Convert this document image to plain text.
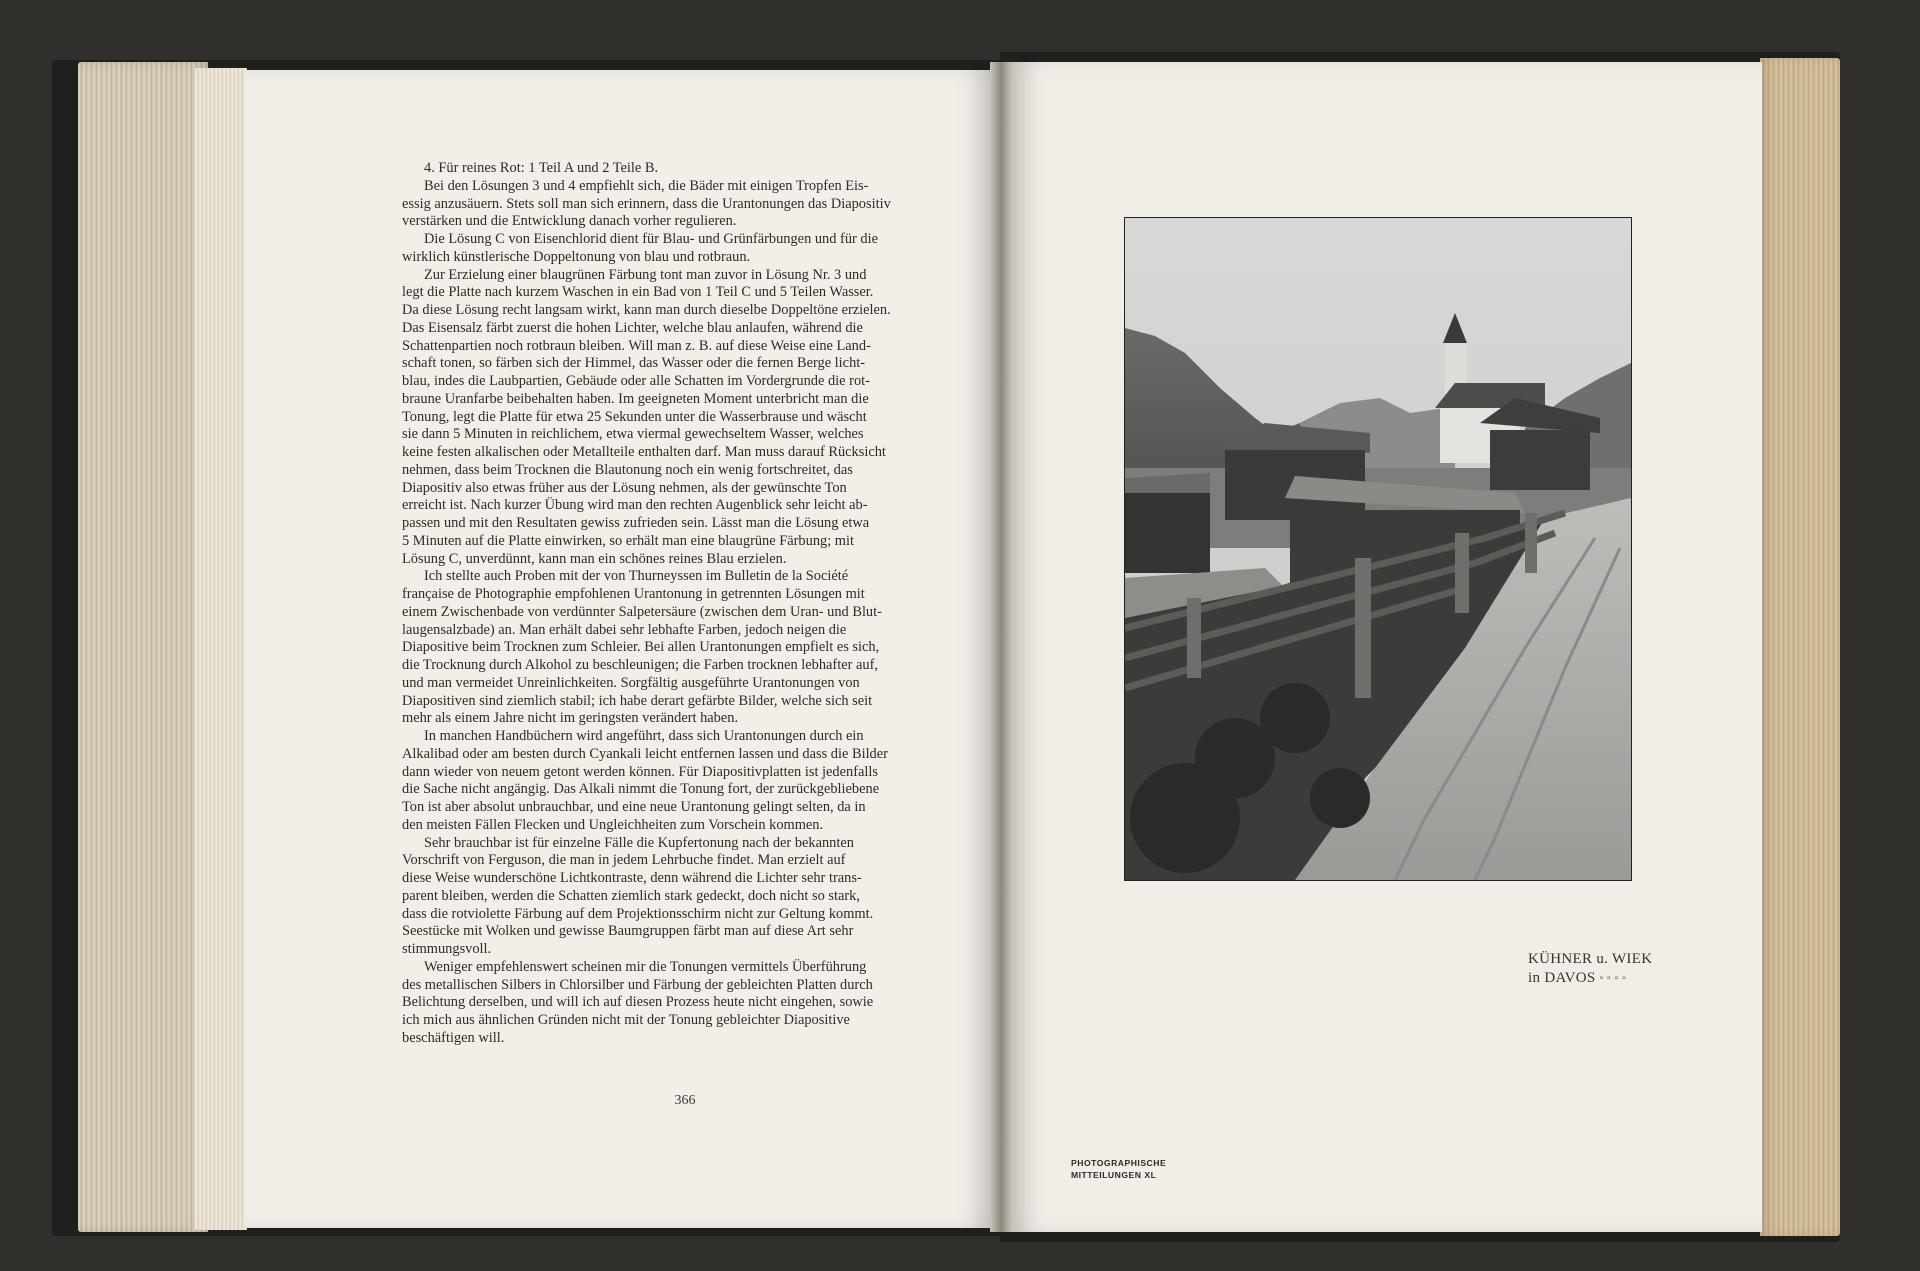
4. Für reines Rot: 1 Teil A und 2 Teile B.
Bei den Lösungen 3 und 4 empfiehlt sich, die Bäder mit einigen Tropfen Eis-
essig anzusäuern. Stets soll man sich erinnern, dass die Urantonungen das Diapositiv
verstärken und die Entwicklung danach vorher regulieren.
Die Lösung C von Eisenchlorid dient für Blau- und Grünfärbungen und für die
wirklich künstlerische Doppeltonung von blau und rotbraun.
Zur Erzielung einer blaugrünen Färbung tont man zuvor in Lösung Nr. 3 und
legt die Platte nach kurzem Waschen in ein Bad von 1 Teil C und 5 Teilen Wasser.
Da diese Lösung recht langsam wirkt, kann man durch dieselbe Doppeltöne erzielen.
Das Eisensalz färbt zuerst die hohen Lichter, welche blau anlaufen, während die
Schattenpartien noch rotbraun bleiben. Will man z. B. auf diese Weise eine Land-
schaft tonen, so färben sich der Himmel, das Wasser oder die fernen Berge licht-
blau, indes die Laubpartien, Gebäude oder alle Schatten im Vordergrunde die rot-
braune Uranfarbe beibehalten haben. Im geeigneten Moment unterbricht man die
Tonung, legt die Platte für etwa 25 Sekunden unter die Wasserbrause und wäscht
sie dann 5 Minuten in reichlichem, etwa viermal gewechseltem Wasser, welches
keine festen alkalischen oder Metallteile enthalten darf. Man muss darauf Rücksicht
nehmen, dass beim Trocknen die Blautonung noch ein wenig fortschreitet, das
Diapositiv also etwas früher aus der Lösung nehmen, als der gewünschte Ton
erreicht ist. Nach kurzer Übung wird man den rechten Augenblick sehr leicht ab-
passen und mit den Resultaten gewiss zufrieden sein. Lässt man die Lösung etwa
5 Minuten auf die Platte einwirken, so erhält man eine blaugrüne Färbung; mit
Lösung C, unverdünnt, kann man ein schönes reines Blau erzielen.
Ich stellte auch Proben mit der von Thurneyssen im Bulletin de la Société
française de Photographie empfohlenen Urantonung in getrennten Lösungen mit
einem Zwischenbade von verdünnter Salpetersäure (zwischen dem Uran- und Blut-
laugensalzbade) an. Man erhält dabei sehr lebhafte Farben, jedoch neigen die
Diapositive beim Trocknen zum Schleier. Bei allen Urantonungen empfielt es sich,
die Trocknung durch Alkohol zu beschleunigen; die Farben trocknen lebhafter auf,
und man vermeidet Unreinlichkeiten. Sorgfältig ausgeführte Urantonungen von
Diapositiven sind ziemlich stabil; ich habe derart gefärbte Bilder, welche sich seit
mehr als einem Jahre nicht im geringsten verändert haben.
In manchen Handbüchern wird angeführt, dass sich Urantonungen durch ein
Alkalibad oder am besten durch Cyankali leicht entfernen lassen und dass die Bilder
dann wieder von neuem getont werden können. Für Diapositivplatten ist jedenfalls
die Sache nicht angängig. Das Alkali nimmt die Tonung fort, der zurückgebliebene
Ton ist aber absolut unbrauchbar, und eine neue Urantonung gelingt selten, da in
den meisten Fällen Flecken und Ungleichheiten zum Vorschein kommen.
Sehr brauchbar ist für einzelne Fälle die Kupfertonung nach der bekannten
Vorschrift von Ferguson, die man in jedem Lehrbuche findet. Man erzielt auf
diese Weise wunderschöne Lichtkontraste, denn während die Lichter sehr trans-
parent bleiben, werden die Schatten ziemlich stark gedeckt, doch nicht so stark,
dass die rotviolette Färbung auf dem Projektionsschirm nicht zur Geltung kommt.
Seestücke mit Wolken und gewisse Baumgruppen färbt man auf diese Art sehr
stimmungsvoll.
Weniger empfehlenswert scheinen mir die Tonungen vermittels Überführung
des metallischen Silbers in Chlorsilber und Färbung der gebleichten Platten durch
Belichtung derselben, und will ich auf diesen Prozess heute nicht eingehen, sowie
ich mich aus ähnlichen Gründen nicht mit der Tonung gebleichter Diapositive
beschäftigen will.
366
KÜHNER u. WIEK
in DAVOS ▫▫▫▫
PHOTOGRAPHISCHE
MITTEILUNGEN XL
